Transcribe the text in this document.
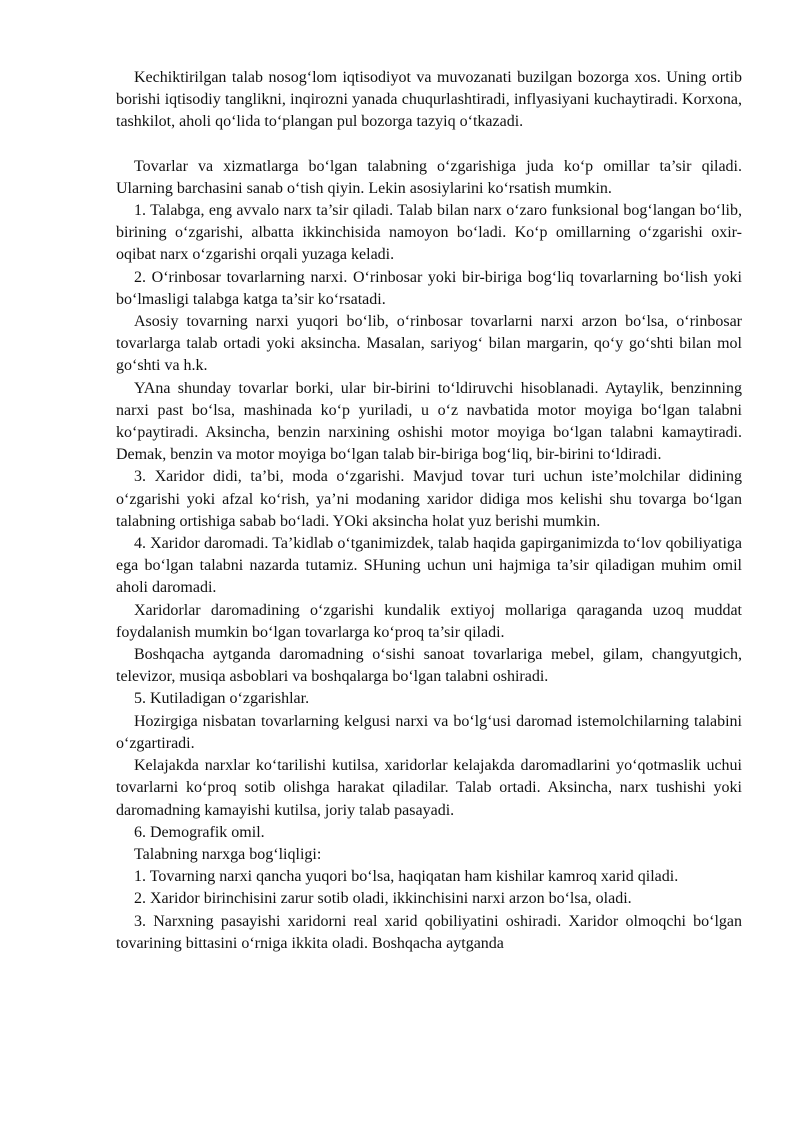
Kechiktirilgan talab nosog‘lom iqtisodiyot va muvozanati buzilgan bozorga xos. Uning ortib borishi iqtisodiy tanglikni, inqirozni yanada chuqurlashtiradi, inflyasiyani kuchaytiradi. Korxona, tashkilot, aholi qo‘lida to‘plangan pul bozorga tazyiq o‘tkazadi.

Tovarlar va xizmatlarga bo‘lgan talabning o‘zgarishiga juda ko‘p omillar ta’sir qiladi. Ularning barchasini sanab o‘tish qiyin. Lekin asosiylarini ko‘rsatish mumkin.

1. Talabga, eng avvalo narx ta’sir qiladi. Talab bilan narx o‘zaro funksional bog‘langan bo‘lib, birining o‘zgarishi, albatta ikkinchisida namoyon bo‘ladi. Ko‘p omillarning o‘zgarishi oxir-oqibat narx o‘zgarishi orqali yuzaga keladi.

2. O‘rinbosar tovarlarning narxi. O‘rinbosar yoki bir-biriga bog‘liq tovarlarning bo‘lish yoki bo‘lmasligi talabga katga ta’sir ko‘rsatadi.

Asosiy tovarning narxi yuqori bo‘lib, o‘rinbosar tovarlarni narxi arzon bo‘lsa, o‘rinbosar tovarlarga talab ortadi yoki aksincha. Masalan, sariyog‘ bilan margarin, qo‘y go‘shti bilan mol go‘shti va h.k.

YAna shunday tovarlar borki, ular bir-birini to‘ldiruvchi hisoblanadi. Aytaylik, benzinning narxi past bo‘lsa, mashinada ko‘p yuriladi, u o‘z navbatida motor moyiga bo‘lgan talabni ko‘paytiradi. Aksincha, benzin narxining oshishi motor moyiga bo‘lgan talabni kamaytiradi. Demak, benzin va motor moyiga bo‘lgan talab bir-biriga bog‘liq, bir-birini to‘ldiradi.

3. Xaridor didi, ta’bi, moda o‘zgarishi. Mavjud tovar turi uchun iste’molchilar didining o‘zgarishi yoki afzal ko‘rish, ya’ni modaning xaridor didiga mos kelishi shu tovarga bo‘lgan talabning ortishiga sabab bo‘ladi. YOki aksincha holat yuz berishi mumkin.

4. Xaridor daromadi. Ta’kidlab o‘tganimizdek, talab haqida gapirganimizda to‘lov qobiliyatiga ega bo‘lgan talabni nazarda tutamiz. SHuning uchun uni hajmiga ta’sir qiladigan muhim omil aholi daromadi.

Xaridorlar daromadining o‘zgarishi kundalik extiyoj mollariga qaraganda uzoq muddat foydalanish mumkin bo‘lgan tovarlarga ko‘proq ta’sir qiladi.

Boshqacha aytganda daromadning o‘sishi sanoat tovarlariga mebel, gilam, changyutgich, televizor, musiqa asboblari va boshqalarga bo‘lgan talabni oshiradi.

5. Kutiladigan o‘zgarishlar.

Hozirgiga nisbatan tovarlarning kelgusi narxi va bo‘lg‘usi daromad istemolchilarning talabini o‘zgartiradi.

Kelajakda narxlar ko‘tarilishi kutilsa, xaridorlar kelajakda daromadlarini yo‘qotmaslik uchui tovarlarni ko‘proq sotib olishga harakat qiladilar. Talab ortadi. Aksincha, narx tushishi yoki daromadning kamayishi kutilsa, joriy talab pasayadi.

6. Demografik omil.

Talabning narxga bog‘liqligi:

1. Tovarning narxi qancha yuqori bo‘lsa, haqiqatan ham kishilar kamroq xarid qiladi.

2. Xaridor birinchisini zarur sotib oladi, ikkinchisini narxi arzon bo‘lsa, oladi.

3. Narxning pasayishi xaridorni real xarid qobiliyatini oshiradi. Xaridor olmoqchi bo‘lgan tovarining bittasini o‘rniga ikkita oladi. Boshqacha aytganda
